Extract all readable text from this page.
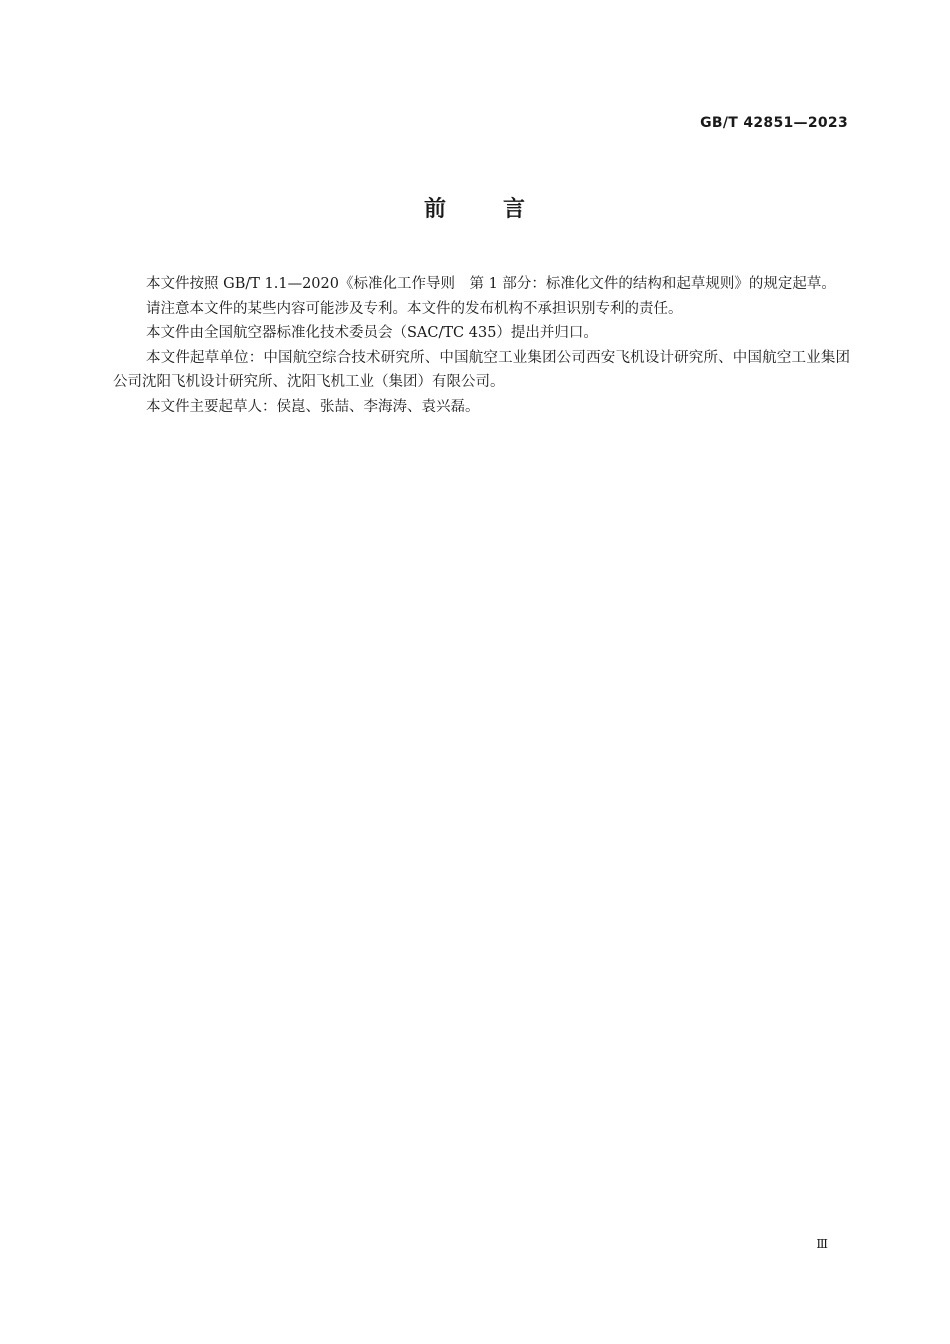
GB/T 42851—2023
前	言

本文件按照 GB/T 1.1—2020《标准化工作导则　第 1 部分：标准化文件的结构和起草规则》的规定起草。

请注意本文件的某些内容可能涉及专利。本文件的发布机构不承担识别专利的责任。

本文件由全国航空器标准化技术委员会（SAC/TC 435）提出并归口。

本文件起草单位：中国航空综合技术研究所、中国航空工业集团公司西安飞机设计研究所、中国航空工业集团公司沈阳飞机设计研究所、沈阳飞机工业（集团）有限公司。

本文件主要起草人：侯崑、张喆、李海涛、袁兴磊。

Ⅲ
